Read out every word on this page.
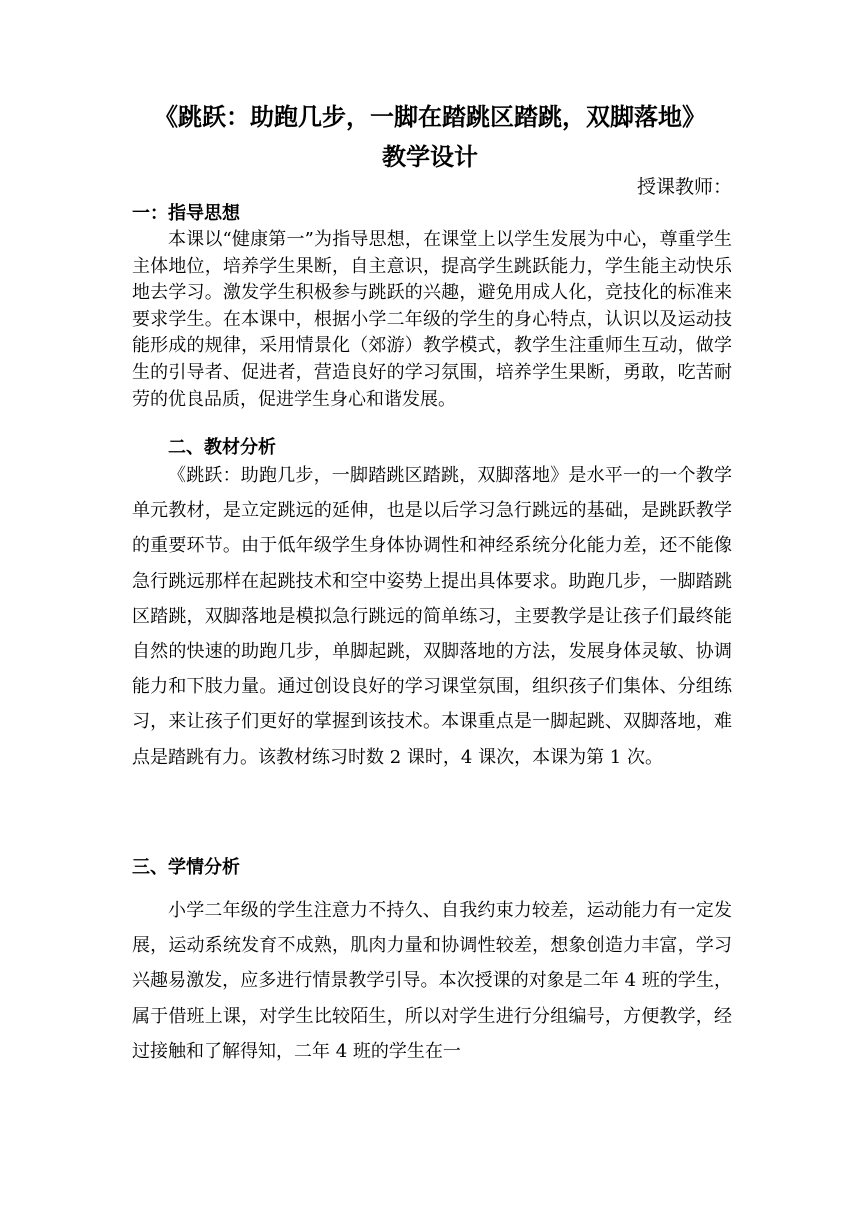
《跳跃：助跑几步，一脚在踏跳区踏跳，双脚落地》
教学设计

授课教师：

一：指导思想

本课以“健康第一”为指导思想，在课堂上以学生发展为中心，尊重学生主体地位，培养学生果断，自主意识，提高学生跳跃能力，学生能主动快乐地去学习。激发学生积极参与跳跃的兴趣，避免用成人化，竞技化的标准来要求学生。在本课中，根据小学二年级的学生的身心特点，认识以及运动技能形成的规律，采用情景化（郊游）教学模式，教学生注重师生互动，做学生的引导者、促进者，营造良好的学习氛围，培养学生果断，勇敢，吃苦耐劳的优良品质，促进学生身心和谐发展。

二、教材分析

《跳跃：助跑几步，一脚踏跳区踏跳，双脚落地》是水平一的一个教学单元教材，是立定跳远的延伸，也是以后学习急行跳远的基础，是跳跃教学的重要环节。由于低年级学生身体协调性和神经系统分化能力差，还不能像急行跳远那样在起跳技术和空中姿势上提出具体要求。助跑几步，一脚踏跳区踏跳，双脚落地是模拟急行跳远的简单练习，主要教学是让孩子们最终能自然的快速的助跑几步，单脚起跳，双脚落地的方法，发展身体灵敏、协调能力和下肢力量。通过创设良好的学习课堂氛围，组织孩子们集体、分组练习，来让孩子们更好的掌握到该技术。本课重点是一脚起跳、双脚落地，难点是踏跳有力。该教材练习时数 2 课时，4 课次，本课为第 1 次。

三、学情分析

小学二年级的学生注意力不持久、自我约束力较差，运动能力有一定发展，运动系统发育不成熟，肌肉力量和协调性较差，想象创造力丰富，学习兴趣易激发，应多进行情景教学引导。本次授课的对象是二年 4 班的学生，属于借班上课，对学生比较陌生，所以对学生进行分组编号，方便教学，经过接触和了解得知，二年 4 班的学生在一
